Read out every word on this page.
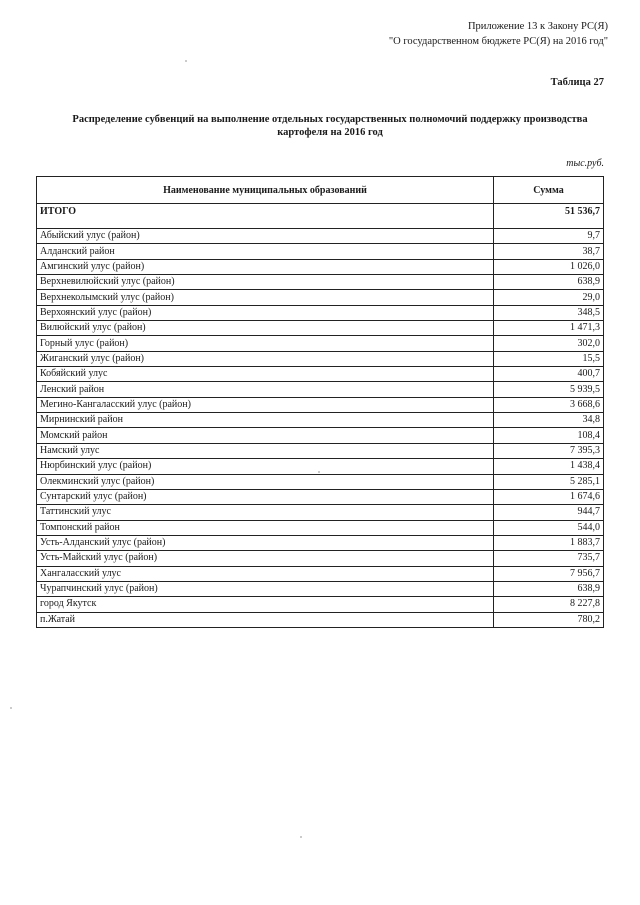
Приложение 13 к Закону РС(Я)
"О государственном бюджете РС(Я) на 2016 год"
Таблица 27
Распределение субвенций на выполнение отдельных государственных полномочий поддержку производства картофеля на 2016 год
тыс.руб.
Наименование муниципальных образований	Сумма
ИТОГО	51 536,7
Абыйский улус (район)	9,7
Алданский район	38,7
Амгинский улус (район)	1 026,0
Верхневилюйский улус (район)	638,9
Верхнеколымский улус (район)	29,0
Верхоянский улус (район)	348,5
Вилюйский улус (район)	1 471,3
Горный улус (район)	302,0
Жиганский улус (район)	15,5
Кобяйский улус	400,7
Ленский район	5 939,5
Мегино-Кангаласский улус (район)	3 668,6
Мирнинский район	34,8
Момский район	108,4
Намский улус	7 395,3
Нюрбинский улус (район)	1 438,4
Олекминский улус (район)	5 285,1
Сунтарский улус (район)	1 674,6
Таттинский улус	944,7
Томпонский район	544,0
Усть-Алданский улус (район)	1 883,7
Усть-Майский улус (район)	735,7
Хангаласский улус	7 956,7
Чурапчинский улус (район)	638,9
город Якутск	8 227,8
п.Жатай	780,2
